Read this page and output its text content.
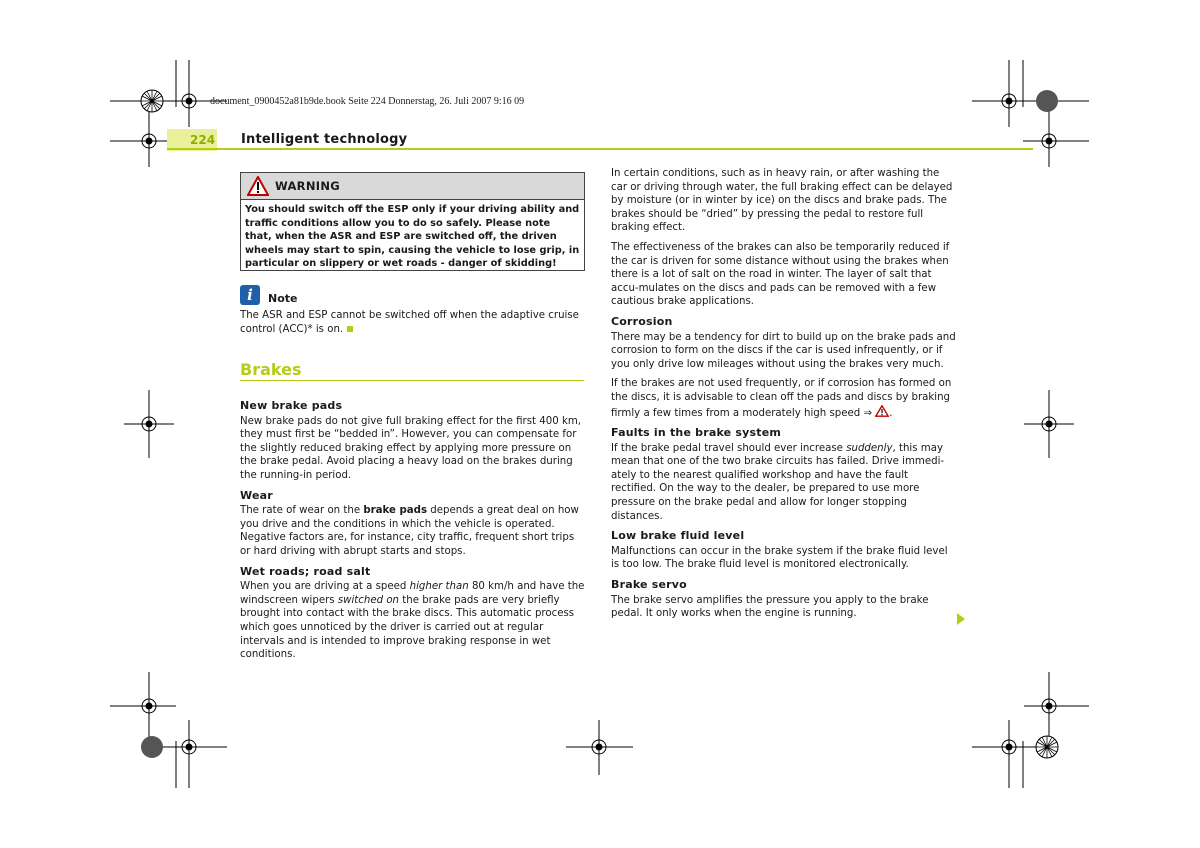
document_0900452a81b9de.book Seite 224 Donnerstag, 26. Juli 2007 9:16 09
224 Intelligent technology
WARNING
You should switch off the ESP only if your driving ability and traffic conditions allow you to do so safely. Please note that, when the ASR and ESP are switched off, the driven wheels may start to spin, causing the vehicle to lose grip, in particular on slippery or wet roads - danger of skidding!
i	Note
The ASR and ESP cannot be switched off when the adaptive cruise control (ACC)* is on.
Brakes
New brake pads

New brake pads do not give full braking effect for the first 400 km, they must first be “bedded in”. However, you can compensate for the slightly reduced braking effect by applying more pressure on the brake pedal. Avoid placing a heavy load on the brakes during the running-in period.

Wear

The rate of wear on the brake pads depends a great deal on how you drive and the conditions in which the vehicle is operated. Negative factors are, for instance, city traffic, frequent short trips or hard driving with abrupt starts and stops.

Wet roads; road salt

When you are driving at a speed higher than 80 km/h and have the windscreen wipers switched on the brake pads are very briefly brought into contact with the brake discs. This automatic process which goes unnoticed by the driver is carried out at regular intervals and is intended to improve braking response in wet conditions.

In certain conditions, such as in heavy rain, or after washing the car or driving through water, the full braking effect can be delayed by moisture (or in winter by ice) on the discs and brake pads. The brakes should be “dried” by pressing the pedal to restore full braking effect.

The effectiveness of the brakes can also be temporarily reduced if the car is driven for some distance without using the brakes when there is a lot of salt on the road in winter. The layer of salt that accu-mulates on the discs and pads can be removed with a few cautious brake applications.

Corrosion

There may be a tendency for dirt to build up on the brake pads and corrosion to form on the discs if the car is used infrequently, or if you only drive low mileages without using the brakes very much.

If the brakes are not used frequently, or if corrosion has formed on the discs, it is advisable to clean off the pads and discs by braking firmly a few times from a moderately high speed ⇒ .

Faults in the brake system

If the brake pedal travel should ever increase suddenly, this may mean that one of the two brake circuits has failed. Drive immedi-ately to the nearest qualified workshop and have the fault rectified. On the way to the dealer, be prepared to use more pressure on the brake pedal and allow for longer stopping distances.

Low brake fluid level

Malfunctions can occur in the brake system if the brake fluid level is too low. The brake fluid level is monitored electronically.

Brake servo

The brake servo amplifies the pressure you apply to the brake pedal. It only works when the engine is running.
